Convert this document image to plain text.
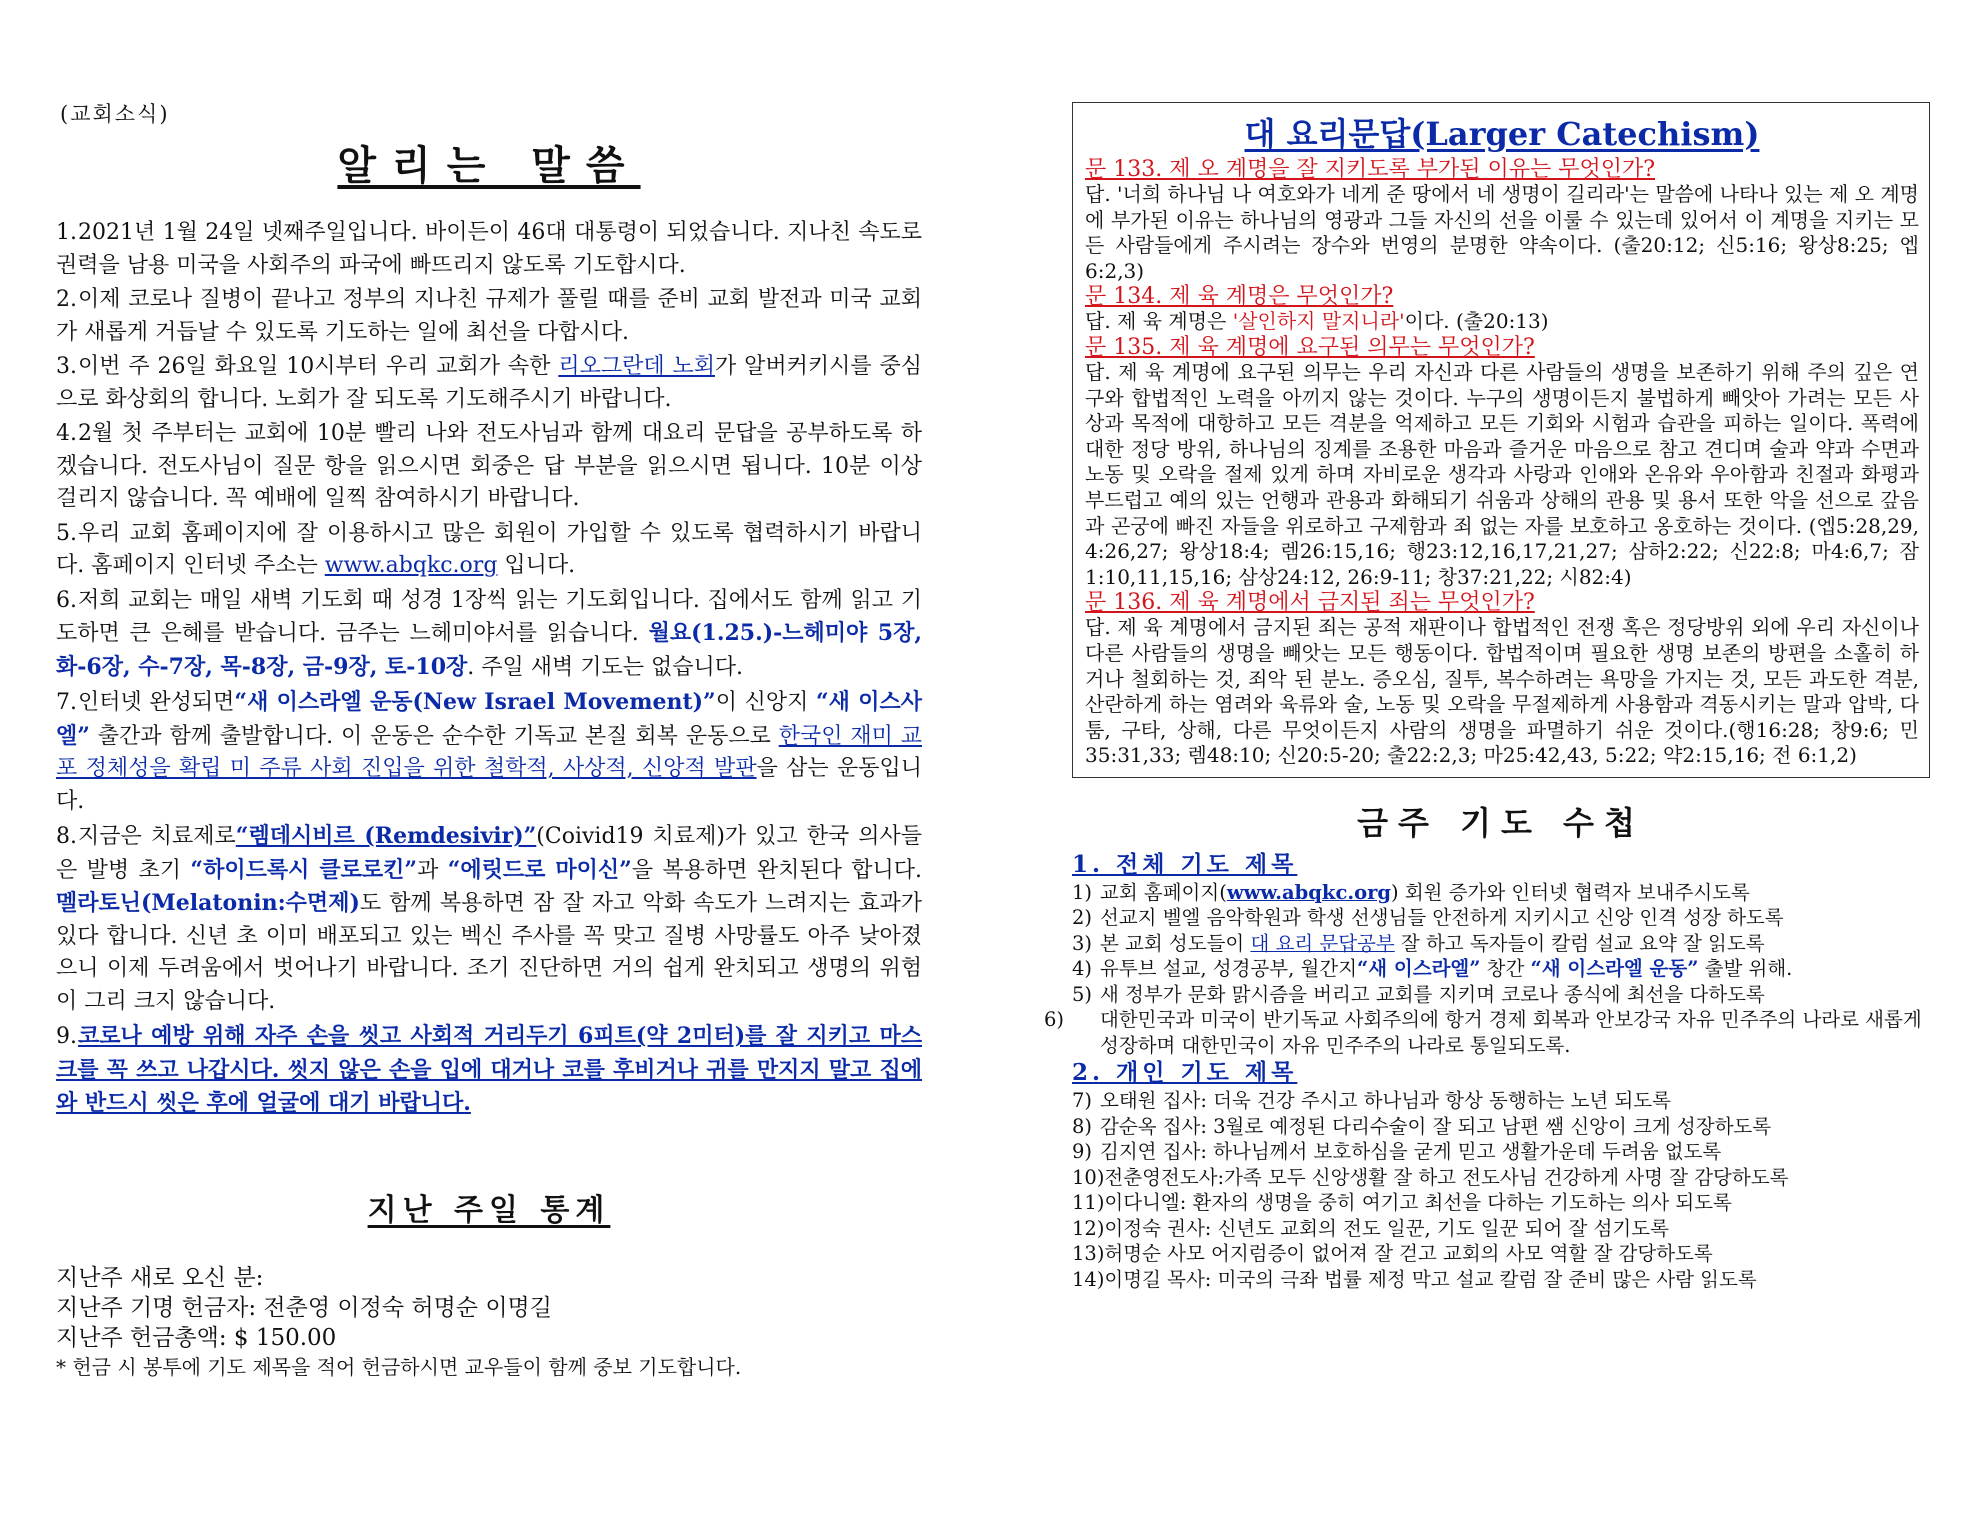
(교회소식)
알리는 말씀
1.2021년 1월 24일 넷째주일입니다. 바이든이 46대 대통령이 되었습니다. 지나친 속도로 권력을 남용 미국을 사회주의 파국에 빠뜨리지 않도록 기도합시다.
2.이제 코로나 질병이 끝나고 정부의 지나친 규제가 풀릴 때를 준비 교회 발전과 미국 교회가 새롭게 거듭날 수 있도록 기도하는 일에 최선을 다합시다.
3.이번 주 26일 화요일 10시부터 우리 교회가 속한 리오그란데 노회가 알버커키시를 중심으로 화상회의 합니다. 노회가 잘 되도록 기도해주시기 바랍니다.
4.2월 첫 주부터는 교회에 10분 빨리 나와 전도사님과 함께 대요리 문답을 공부하도록 하겠습니다. 전도사님이 질문 항을 읽으시면 회중은 답 부분을 읽으시면 됩니다. 10분 이상 걸리지 않습니다. 꼭 예배에 일찍 참여하시기 바랍니다.
5.우리 교회 홈페이지에 잘 이용하시고 많은 회원이 가입할 수 있도록 협력하시기 바랍니다. 홈페이지 인터넷 주소는 www.abqkc.org 입니다.
6.저희 교회는 매일 새벽 기도회 때 성경 1장씩 읽는 기도회입니다. 집에서도 함께 읽고 기도하면 큰 은혜를 받습니다. 금주는 느헤미야서를 읽습니다. 월요(1.25.)-느헤미야 5장, 화-6장, 수-7장, 목-8장, 금-9장, 토-10장. 주일 새벽 기도는 없습니다.
7.인터넷 완성되면“새 이스라엘 운동(New Israel Movement)”이 신앙지 “새 이스사엘” 출간과 함께 출발합니다. 이 운동은 순수한 기독교 본질 회복 운동으로 한국인 재미 교포 정체성을 확립 미 주류 사회 진입을 위한 철학적, 사상적, 신앙적 발판을 삼는 운동입니다.
8.지금은 치료제로“렘데시비르 (Remdesivir)”(Coivid19 치료제)가 있고 한국 의사들은 발병 초기 “하이드록시 클로로킨”과 “에릿드로 마이신”을 복용하면 완치된다 합니다. 멜라토닌(Melatonin:수면제)도 함께 복용하면 잠 잘 자고 악화 속도가 느려지는 효과가 있다 합니다. 신년 초 이미 배포되고 있는 벡신 주사를 꼭 맞고 질병 사망률도 아주 낮아졌으니 이제 두려움에서 벗어나기 바랍니다. 조기 진단하면 거의 쉽게 완치되고 생명의 위험이 그리 크지 않습니다.
9.코로나 예방 위해 자주 손을 씻고 사회적 거리두기 6피트(약 2미터)를 잘 지키고 마스크를 꼭 쓰고 나갑시다. 씻지 않은 손을 입에 대거나 코를 후비거나 귀를 만지지 말고 집에 와 반드시 씻은 후에 얼굴에 대기 바랍니다.
지난 주일 통계
지난주 새로 오신 분:
지난주 기명 헌금자: 전춘영 이정숙 허명순 이명길
지난주 헌금총액: $ 150.00
* 헌금 시 봉투에 기도 제목을 적어 헌금하시면 교우들이 함께 중보 기도합니다.
대 요리문답(Larger Catechism)
문 133. 제 오 계명을 잘 지키도록 부가된 이유는 무엇인가?
답. '너희 하나님 나 여호와가 네게 준 땅에서 네 생명이 길리라'는 말씀에 나타나 있는 제 오 계명에 부가된 이유는 하나님의 영광과 그들 자신의 선을 이룰 수 있는데 있어서 이 계명을 지키는 모든 사람들에게 주시려는 장수와 번영의 분명한 약속이다. (출20:12; 신5:16; 왕상8:25; 엡6:2,3)
문 134. 제 육 계명은 무엇인가?
답. 제 육 계명은 '살인하지 말지니라'이다. (출20:13)
문 135. 제 육 계명에 요구된 의무는 무엇인가?
답. 제 육 계명에 요구된 의무는 우리 자신과 다른 사람들의 생명을 보존하기 위해 주의 깊은 연구와 합법적인 노력을 아끼지 않는 것이다. 누구의 생명이든지 불법하게 빼앗아 가려는 모든 사상과 목적에 대항하고 모든 격분을 억제하고 모든 기회와 시험과 습관을 피하는 일이다. 폭력에 대한 정당 방위, 하나님의 징계를 조용한 마음과 즐거운 마음으로 참고 견디며 술과 약과 수면과 노동 및 오락을 절제 있게 하며 자비로운 생각과 사랑과 인애와 온유와 우아함과 친절과 화평과 부드럽고 예의 있는 언행과 관용과 화해되기 쉬움과 상해의 관용 및 용서 또한 악을 선으로 갚음과 곤궁에 빠진 자들을 위로하고 구제함과 죄 없는 자를 보호하고 옹호하는 것이다. (엡5:28,29, 4:26,27; 왕상18:4; 렘26:15,16; 행23:12,16,17,21,27; 삼하2:22; 신22:8; 마4:6,7; 잠1:10,11,15,16; 삼상24:12, 26:9-11; 창37:21,22; 시82:4)
문 136. 제 육 계명에서 금지된 죄는 무엇인가?
답. 제 육 계명에서 금지된 죄는 공적 재판이나 합법적인 전쟁 혹은 정당방위 외에 우리 자신이나 다른 사람들의 생명을 빼앗는 모든 행동이다. 합법적이며 필요한 생명 보존의 방편을 소홀히 하거나 철회하는 것, 죄악 된 분노. 증오심, 질투, 복수하려는 욕망을 가지는 것, 모든 과도한 격분, 산란하게 하는 염려와 육류와 술, 노동 및 오락을 무절제하게 사용함과 격동시키는 말과 압박, 다툼, 구타, 상해, 다른 무엇이든지 사람의 생명을 파멸하기 쉬운 것이다.(행16:28; 창9:6; 민35:31,33; 렘48:10; 신20:5-20; 출22:2,3; 마25:42,43, 5:22; 약2:15,16; 전 6:1,2)
금주 기도 수첩
1. 전체 기도 제목
1) 교회 홈페이지(www.abqkc.org) 회원 증가와 인터넷 협력자 보내주시도록
2) 선교지 벨엘 음악학원과 학생 선생님들 안전하게 지키시고 신앙 인격 성장 하도록
3) 본 교회 성도들이 대 요리 문답공부 잘 하고 독자들이 칼럼 설교 요약 잘 읽도록
4) 유투브 설교, 성경공부, 월간지“새 이스라엘” 창간 “새 이스라엘 운동” 출발 위해.
5) 새 정부가 문화 맑시즘을 버리고 교회를 지키며 코로나 종식에 최선을 다하도록
6) 대한민국과 미국이 반기독교 사회주의에 항거 경제 회복과 안보강국 자유 민주주의 나라로 새롭게 성장하며 대한민국이 자유 민주주의 나라로 통일되도록.
2. 개인 기도 제목
7) 오태원 집사: 더욱 건강 주시고 하나님과 항상 동행하는 노년 되도록
8) 감순옥 집사: 3월로 예정된 다리수술이 잘 되고 남편 쌤 신앙이 크게 성장하도록
9) 김지연 집사: 하나님께서 보호하심을 굳게 믿고 생활가운데 두려움 없도록
10)전춘영전도사:가족 모두 신앙생활 잘 하고 전도사님 건강하게 사명 잘 감당하도록
11)이다니엘: 환자의 생명을 중히 여기고 최선을 다하는 기도하는 의사 되도록
12)이정숙 권사: 신년도 교회의 전도 일꾼, 기도 일꾼 되어 잘 섬기도록
13)허명순 사모 어지럼증이 없어져 잘 걷고 교회의 사모 역할 잘 감당하도록
14)이명길 목사: 미국의 극좌 법률 제정 막고 설교 칼럼 잘 준비 많은 사람 읽도록
